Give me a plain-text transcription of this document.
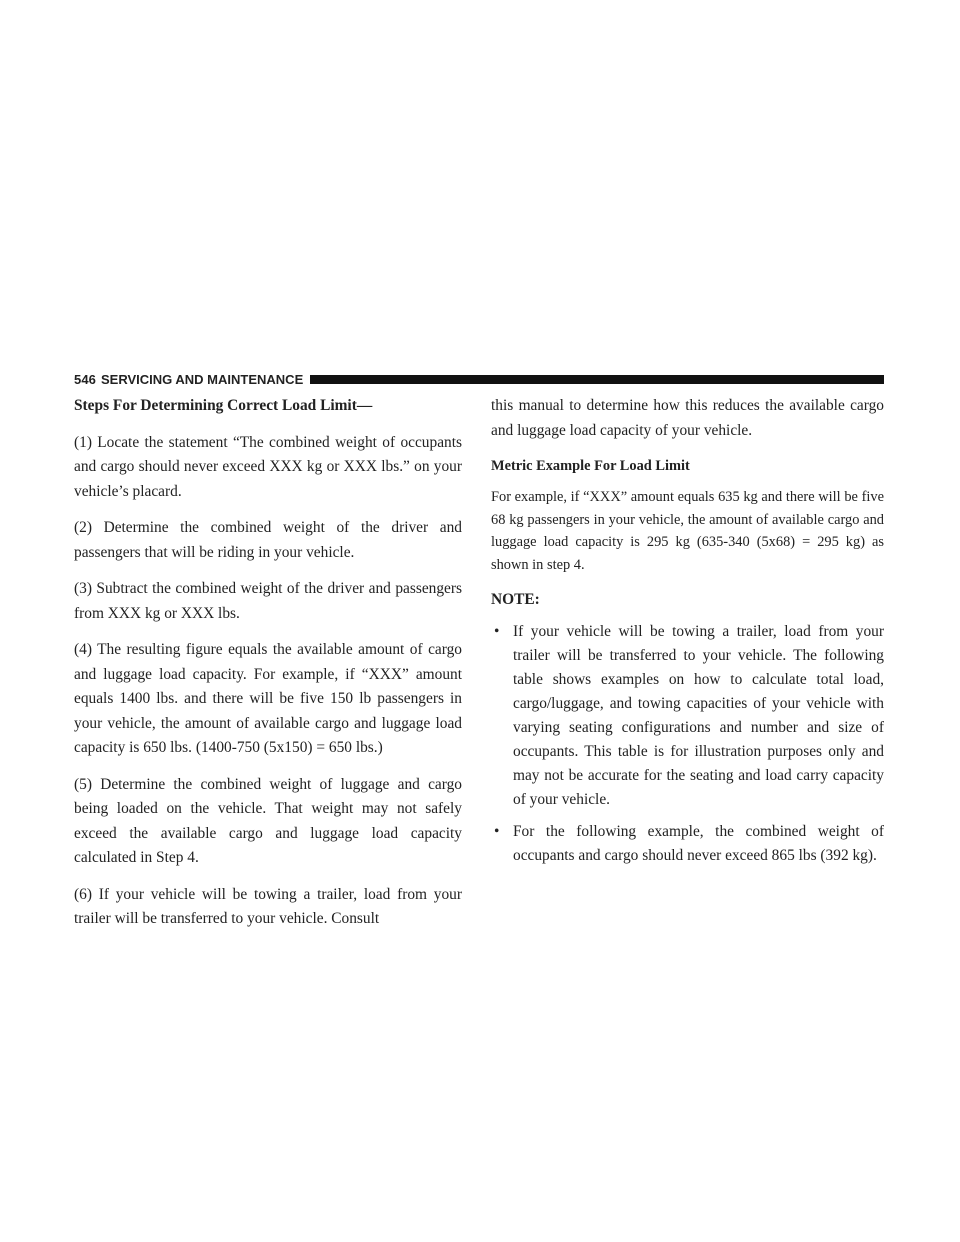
546 SERVICING AND MAINTENANCE
Steps For Determining Correct Load Limit—

(1) Locate the statement “The combined weight of occupants and cargo should never exceed XXX kg or XXX lbs.” on your vehicle’s placard.

(2) Determine the combined weight of the driver and passengers that will be riding in your vehicle.

(3) Subtract the combined weight of the driver and passengers from XXX kg or XXX lbs.

(4) The resulting figure equals the available amount of cargo and luggage load capacity. For example, if “XXX” amount equals 1400 lbs. and there will be five 150 lb passengers in your vehicle, the amount of available cargo and luggage load capacity is 650 lbs. (1400-750 (5x150) = 650 lbs.)

(5) Determine the combined weight of luggage and cargo being loaded on the vehicle. That weight may not safely exceed the available cargo and luggage load capacity calculated in Step 4.

(6) If your vehicle will be towing a trailer, load from your trailer will be transferred to your vehicle. Consult

this manual to determine how this reduces the available cargo and luggage load capacity of your vehicle.

Metric Example For Load Limit

For example, if “XXX” amount equals 635 kg and there will be five 68 kg passengers in your vehicle, the amount of available cargo and luggage load capacity is 295 kg (635-340 (5x68) = 295 kg) as shown in step 4.

NOTE:
• If your vehicle will be towing a trailer, load from your trailer will be transferred to your vehicle. The following table shows examples on how to calculate total load, cargo/luggage, and towing capacities of your vehicle with varying seating configurations and number and size of occupants. This table is for illustration purposes only and may not be accurate for the seating and load carry capacity of your vehicle.
• For the following example, the combined weight of occupants and cargo should never exceed 865 lbs (392 kg).
